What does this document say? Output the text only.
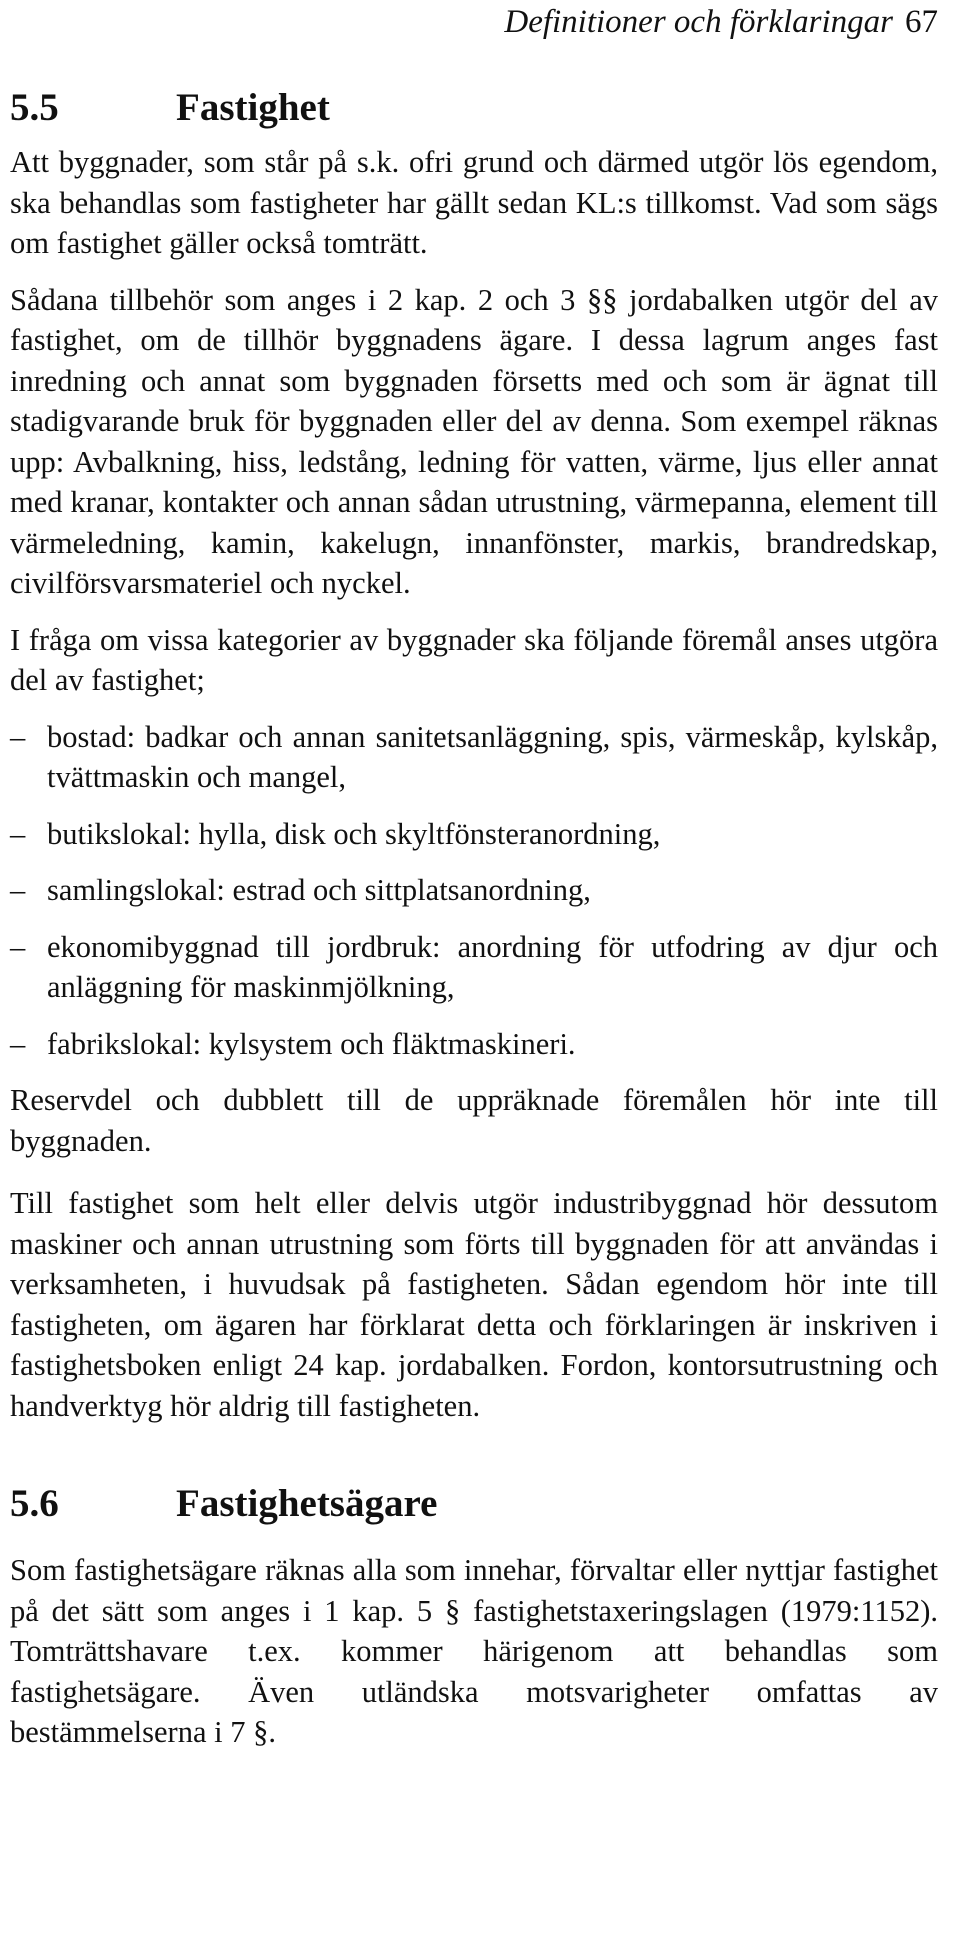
Definitioner och förklaringar 67
5.5	Fastighet

Att byggnader, som står på s.k. ofri grund och därmed utgör lös egendom, ska behandlas som fastigheter har gällt sedan KL:s tillkomst. Vad som sägs om fastighet gäller också tomträtt.

Sådana tillbehör som anges i 2 kap. 2 och 3 §§ jordabalken utgör del av fastighet, om de tillhör byggnadens ägare. I dessa lagrum anges fast inredning och annat som byggnaden försetts med och som är ägnat till stadigvarande bruk för byggnaden eller del av denna. Som exempel räknas upp: Avbalkning, hiss, ledstång, ledning för vatten, värme, ljus eller annat med kranar, kontakter och annan sådan utrustning, värmepanna, element till värmeledning, kamin, kakelugn, innanfönster, markis, brandredskap, civilförsvarsmateriel och nyckel.

I fråga om vissa kategorier av byggnader ska följande föremål anses utgöra del av fastighet;

– bostad: badkar och annan sanitetsanläggning, spis, värmeskåp, kylskåp, tvättmaskin och mangel,
– butikslokal: hylla, disk och skyltfönsteranordning,
– samlingslokal: estrad och sittplatsanordning,
– ekonomibyggnad till jordbruk: anordning för utfodring av djur och anläggning för maskinmjölkning,
– fabrikslokal: kylsystem och fläktmaskineri.

Reservdel och dubblett till de uppräknade föremålen hör inte till byggnaden.

Till fastighet som helt eller delvis utgör industribyggnad hör dessutom maskiner och annan utrustning som förts till byggnaden för att användas i verksamheten, i huvudsak på fastigheten. Sådan egendom hör inte till fastigheten, om ägaren har förklarat detta och förklaringen är inskriven i fastighetsboken enligt 24 kap. jordabalken. Fordon, kontorsutrustning och handverktyg hör aldrig till fastigheten.

5.6	Fastighetsägare

Som fastighetsägare räknas alla som innehar, förvaltar eller nyttjar fastighet på det sätt som anges i 1 kap. 5 § fastighetstaxeringslagen (1979:1152). Tomträttshavare t.ex. kommer härigenom att behandlas som fastighetsägare. Även utländska motsvarigheter omfattas av bestämmelserna i 7 §.
